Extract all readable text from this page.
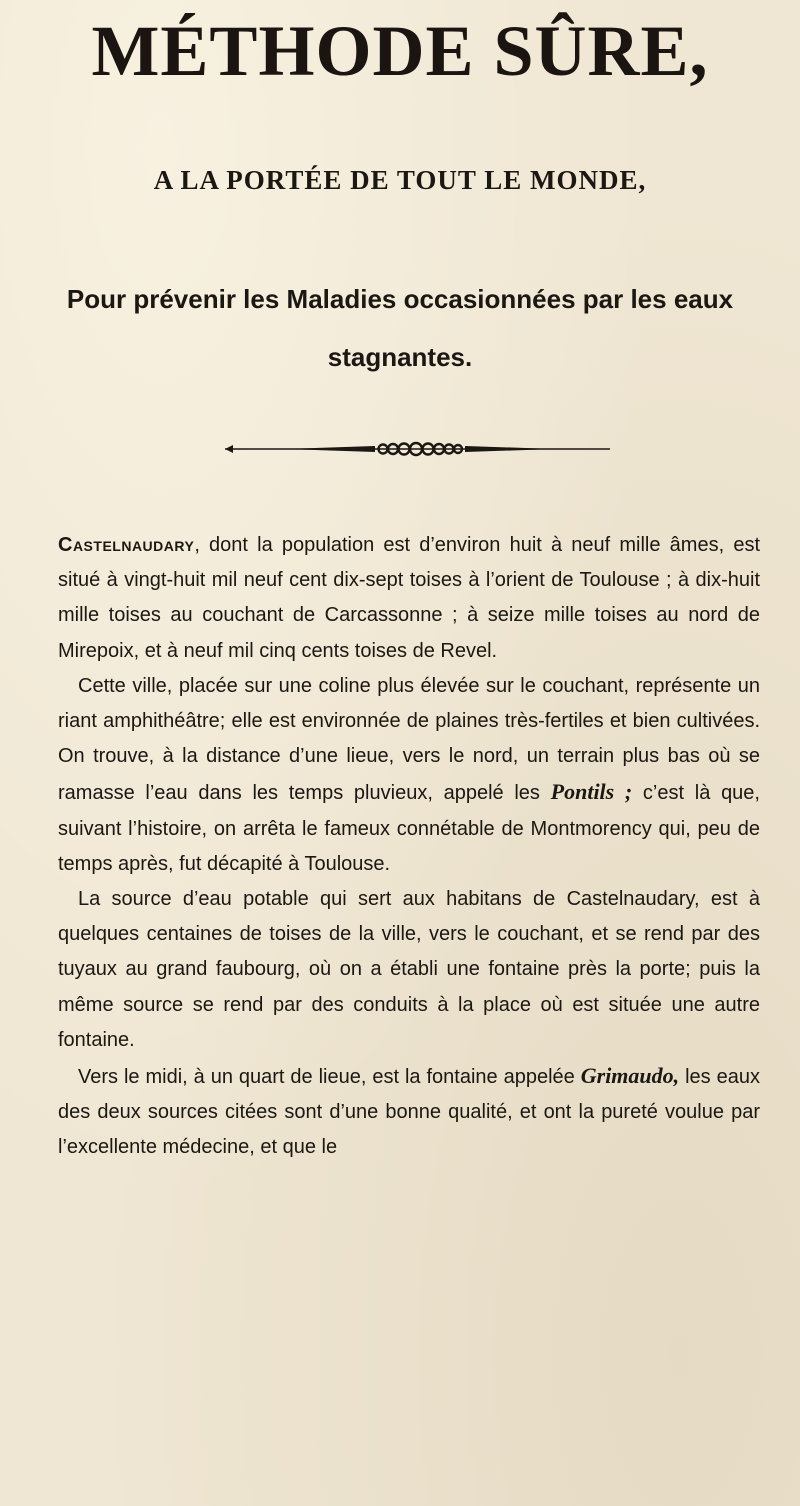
MÉTHODE SÛRE,
A LA PORTÉE DE TOUT LE MONDE,
Pour prévenir les Maladies occasionnées par les eaux
stagnantes.

Castelnaudary, dont la population est d’environ huit à neuf mille âmes, est situé à vingt-huit mil neuf cent dix-sept toises à l’orient de Toulouse ; à dix-huit mille toises au couchant de Carcassonne ; à seize mille toises au nord de Mirepoix, et à neuf mil cinq cents toises de Revel.

 Cette ville, placée sur une coline plus élevée sur le couchant, représente un riant amphithéâtre; elle est environnée de plaines très-fertiles et bien cultivées. On trouve, à la distance d’une lieue, vers le nord, un terrain plus bas où se ramasse l’eau dans les temps pluvieux, appelé les Pontils ; c’est là que, suivant l’histoire, on arrêta le fameux connétable de Montmorency qui, peu de temps après, fut décapité à Toulouse.

 La source d’eau potable qui sert aux habitans de Castelnaudary, est à quelques centaines de toises de la ville, vers le couchant, et se rend par des tuyaux au grand faubourg, où on a établi une fontaine près la porte; puis la même source se rend par des conduits à la place où est située une autre fontaine.

 Vers le midi, à un quart de lieue, est la fontaine appelée Grimaudo, les eaux des deux sources citées sont d’une bonne qualité, et ont la pureté voulue par l’excellente médecine, et que le
